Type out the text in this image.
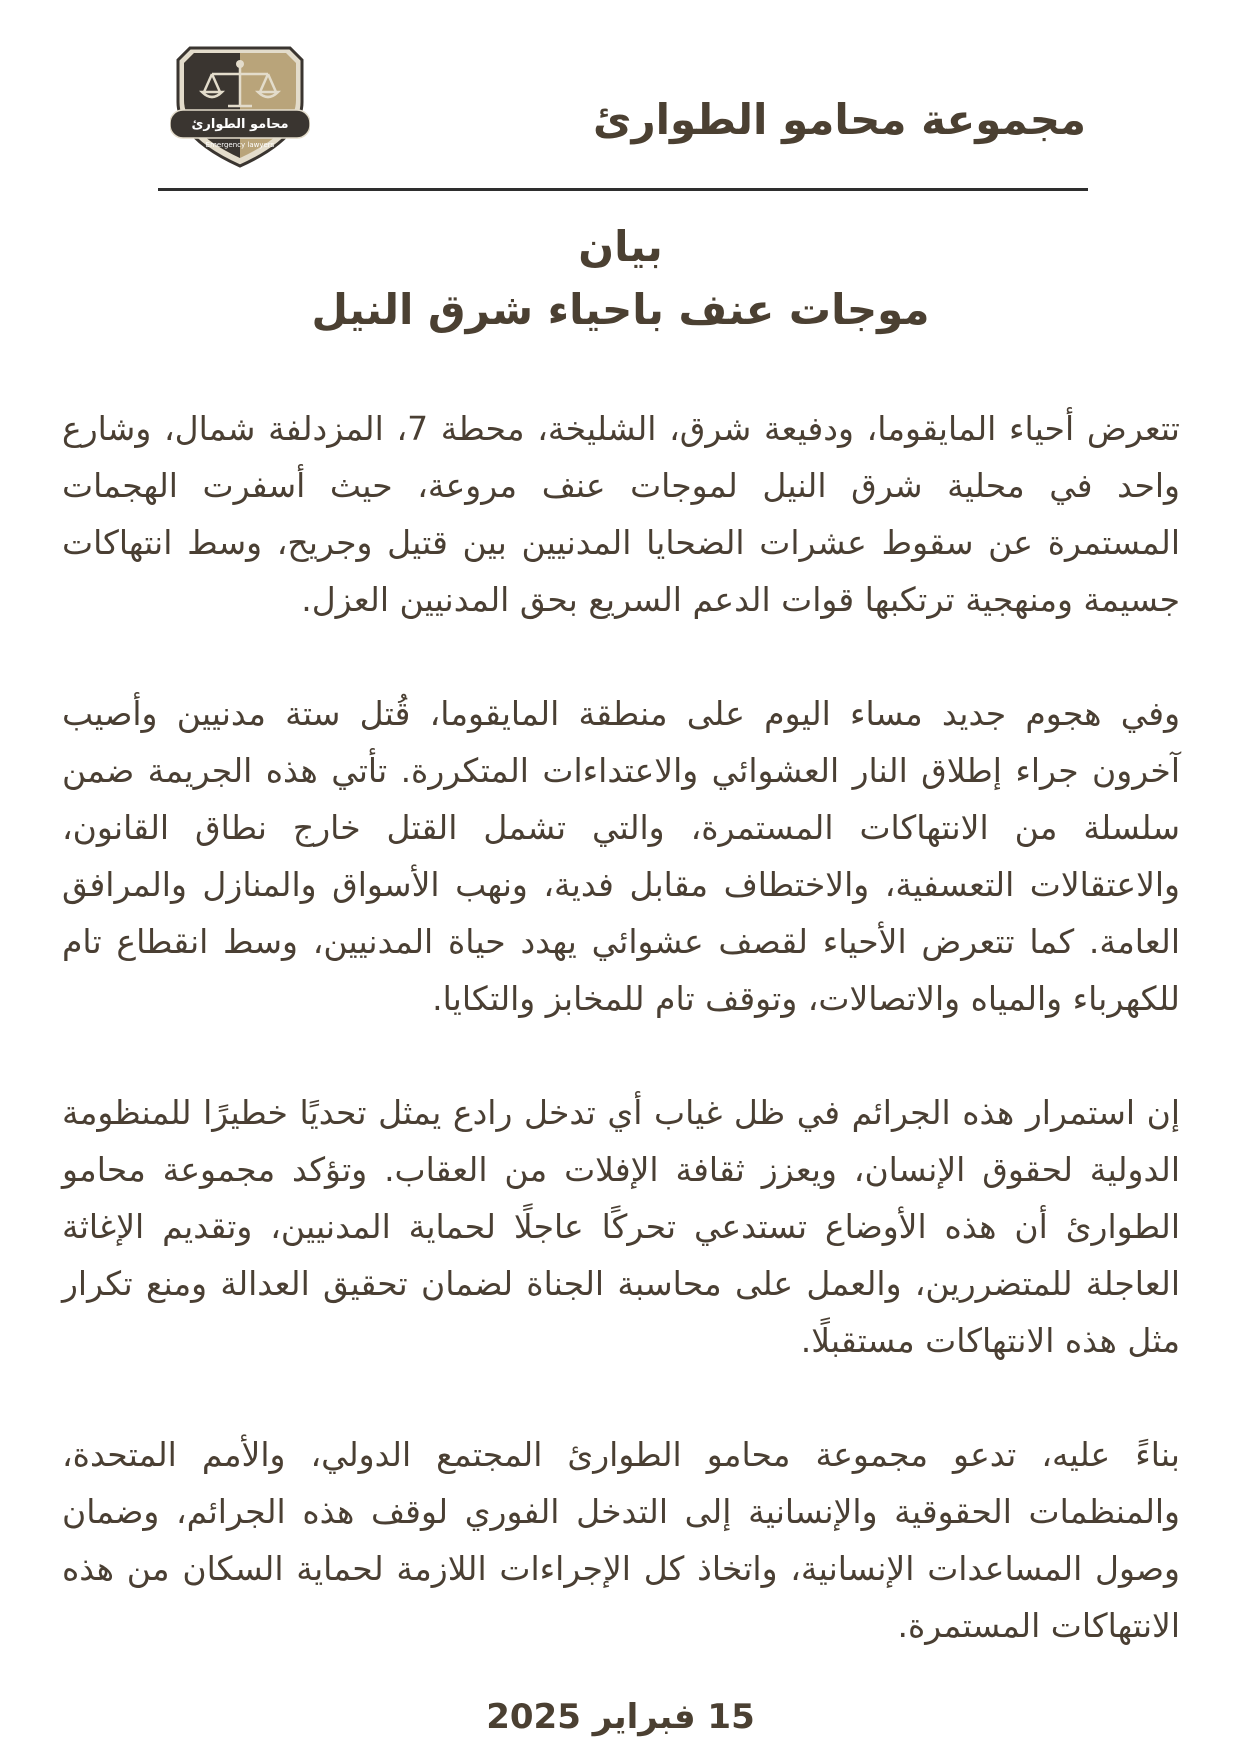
محامو الطوارئ
Emergency lawyers
مجموعة محامو الطوارئ
بيان
موجات عنف باحياء شرق النيل

تتعرض أحياء المايقوما، ودفيعة شرق، الشليخة، محطة 7، المزدلفة شمال، وشارع واحد في محلية شرق النيل لموجات عنف مروعة، حيث أسفرت الهجمات المستمرة عن سقوط عشرات الضحايا المدنيين بين قتيل وجريح، وسط انتهاكات جسيمة ومنهجية ترتكبها قوات الدعم السريع بحق المدنيين العزل.

وفي هجوم جديد مساء اليوم على منطقة المايقوما، قُتل ستة مدنيين وأصيب آخرون جراء إطلاق النار العشوائي والاعتداءات المتكررة. تأتي هذه الجريمة ضمن سلسلة من الانتهاكات المستمرة، والتي تشمل القتل خارج نطاق القانون، والاعتقالات التعسفية، والاختطاف مقابل فدية، ونهب الأسواق والمنازل والمرافق العامة. كما تتعرض الأحياء لقصف عشوائي يهدد حياة المدنيين، وسط انقطاع تام للكهرباء والمياه والاتصالات، وتوقف تام للمخابز والتكايا.

إن استمرار هذه الجرائم في ظل غياب أي تدخل رادع يمثل تحديًا خطيرًا للمنظومة الدولية لحقوق الإنسان، ويعزز ثقافة الإفلات من العقاب. وتؤكد مجموعة محامو الطوارئ أن هذه الأوضاع تستدعي تحركًا عاجلًا لحماية المدنيين، وتقديم الإغاثة العاجلة للمتضررين، والعمل على محاسبة الجناة لضمان تحقيق العدالة ومنع تكرار مثل هذه الانتهاكات مستقبلًا.

بناءً عليه، تدعو مجموعة محامو الطوارئ المجتمع الدولي، والأمم المتحدة، والمنظمات الحقوقية والإنسانية إلى التدخل الفوري لوقف هذه الجرائم، وضمان وصول المساعدات الإنسانية، واتخاذ كل الإجراءات اللازمة لحماية السكان من هذه الانتهاكات المستمرة.

15 فبراير 2025
